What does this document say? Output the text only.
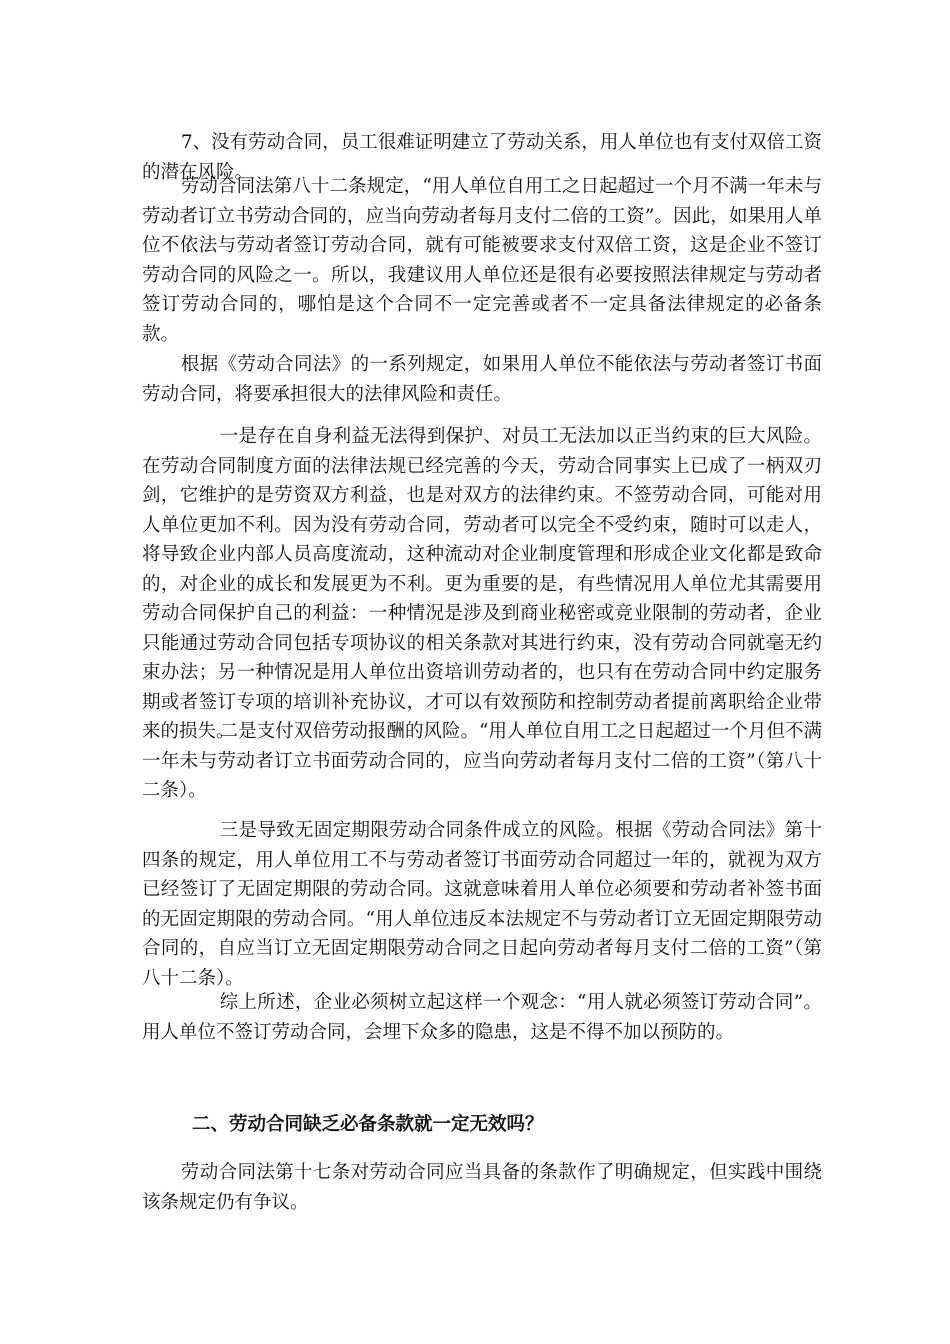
7、没有劳动合同，员工很难证明建立了劳动关系，用人单位也有支付双倍工资的潜在风险。

劳动合同法第八十二条规定，“用人单位自用工之日起超过一个月不满一年未与劳动者订立书劳动合同的，应当向劳动者每月支付二倍的工资”。因此，如果用人单位不依法与劳动者签订劳动合同，就有可能被要求支付双倍工资，这是企业不签订劳动合同的风险之一。所以，我建议用人单位还是很有必要按照法律规定与劳动者签订劳动合同的，哪怕是这个合同不一定完善或者不一定具备法律规定的必备条款。

根据《劳动合同法》的一系列规定，如果用人单位不能依法与劳动者签订书面劳动合同，将要承担很大的法律风险和责任。

一是存在自身利益无法得到保护、对员工无法加以正当约束的巨大风险。在劳动合同制度方面的法律法规已经完善的今天，劳动合同事实上已成了一柄双刃剑，它维护的是劳资双方利益，也是对双方的法律约束。不签劳动合同，可能对用人单位更加不利。因为没有劳动合同，劳动者可以完全不受约束，随时可以走人，将导致企业内部人员高度流动，这种流动对企业制度管理和形成企业文化都是致命的，对企业的成长和发展更为不利。更为重要的是，有些情况用人单位尤其需要用劳动合同保护自己的利益：一种情况是涉及到商业秘密或竞业限制的劳动者，企业只能通过劳动合同包括专项协议的相关条款对其进行约束，没有劳动合同就毫无约束办法；另一种情况是用人单位出资培训劳动者的，也只有在劳动合同中约定服务期或者签订专项的培训补充协议，才可以有效预防和控制劳动者提前离职给企业带来的损失。

二是支付双倍劳动报酬的风险。“用人单位自用工之日起超过一个月但不满一年未与劳动者订立书面劳动合同的，应当向劳动者每月支付二倍的工资”（第八十二条）。

三是导致无固定期限劳动合同条件成立的风险。根据《劳动合同法》第十四条的规定，用人单位用工不与劳动者签订书面劳动合同超过一年的，就视为双方已经签订了无固定期限的劳动合同。这就意味着用人单位必须要和劳动者补签书面的无固定期限的劳动合同。“用人单位违反本法规定不与劳动者订立无固定期限劳动合同的，自应当订立无固定期限劳动合同之日起向劳动者每月支付二倍的工资”（第八十二条）。

综上所述，企业必须树立起这样一个观念：“用人就必须签订劳动合同”。用人单位不签订劳动合同，会埋下众多的隐患，这是不得不加以预防的。

二、劳动合同缺乏必备条款就一定无效吗？

劳动合同法第十七条对劳动合同应当具备的条款作了明确规定，但实践中围绕该条规定仍有争议。
